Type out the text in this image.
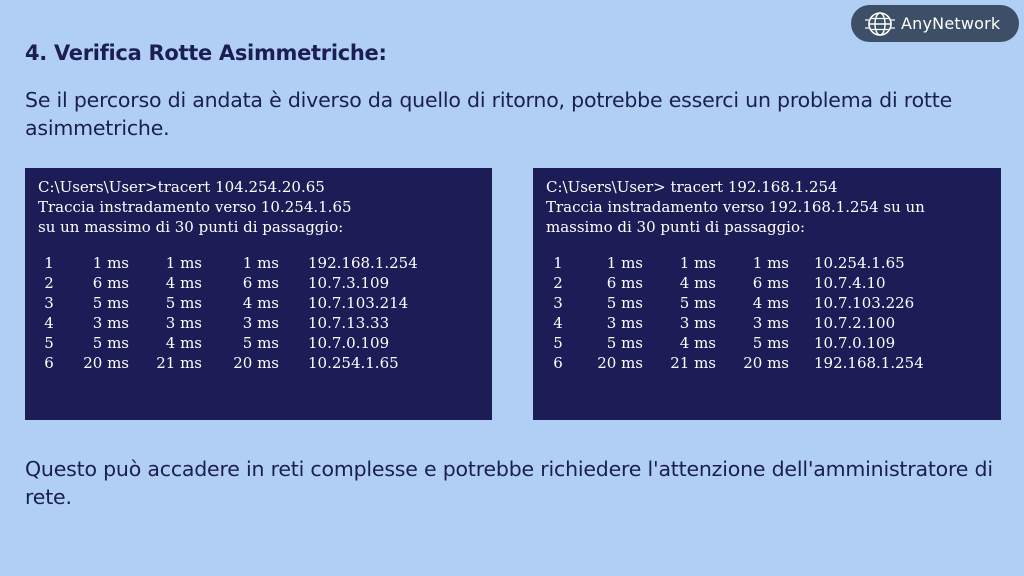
AnyNetwork
4. Verifica Rotte Asimmetriche:
Se il percorso di andata è diverso da quello di ritorno, potrebbe esserci un problema di rotte asimmetriche.
C:\Users\User>tracert 104.254.20.65
Traccia instradamento verso 10.254.1.65
su un massimo di 30 punti di passaggio:
1	1 ms	1 ms	1 ms 192.168.1.254
2	6 ms	4 ms	6 ms 10.7.3.109
3	5 ms	5 ms	4 ms 10.7.103.214
4	3 ms	3 ms	3 ms 10.7.13.33
5	5 ms	4 ms	5 ms 10.7.0.109
6	20 ms	21 ms	20 ms 10.254.1.65
C:\Users\User> tracert 192.168.1.254
Traccia instradamento verso 192.168.1.254 su un
massimo di 30 punti di passaggio:
1	1 ms	1 ms	1 ms 10.254.1.65
2	6 ms	4 ms	6 ms 10.7.4.10
3	5 ms	5 ms	4 ms 10.7.103.226
4	3 ms	3 ms	3 ms 10.7.2.100
5	5 ms	4 ms	5 ms 10.7.0.109
6	20 ms	21 ms	20 ms 192.168.1.254
Questo può accadere in reti complesse e potrebbe richiedere l'attenzione dell'amministratore di rete.
